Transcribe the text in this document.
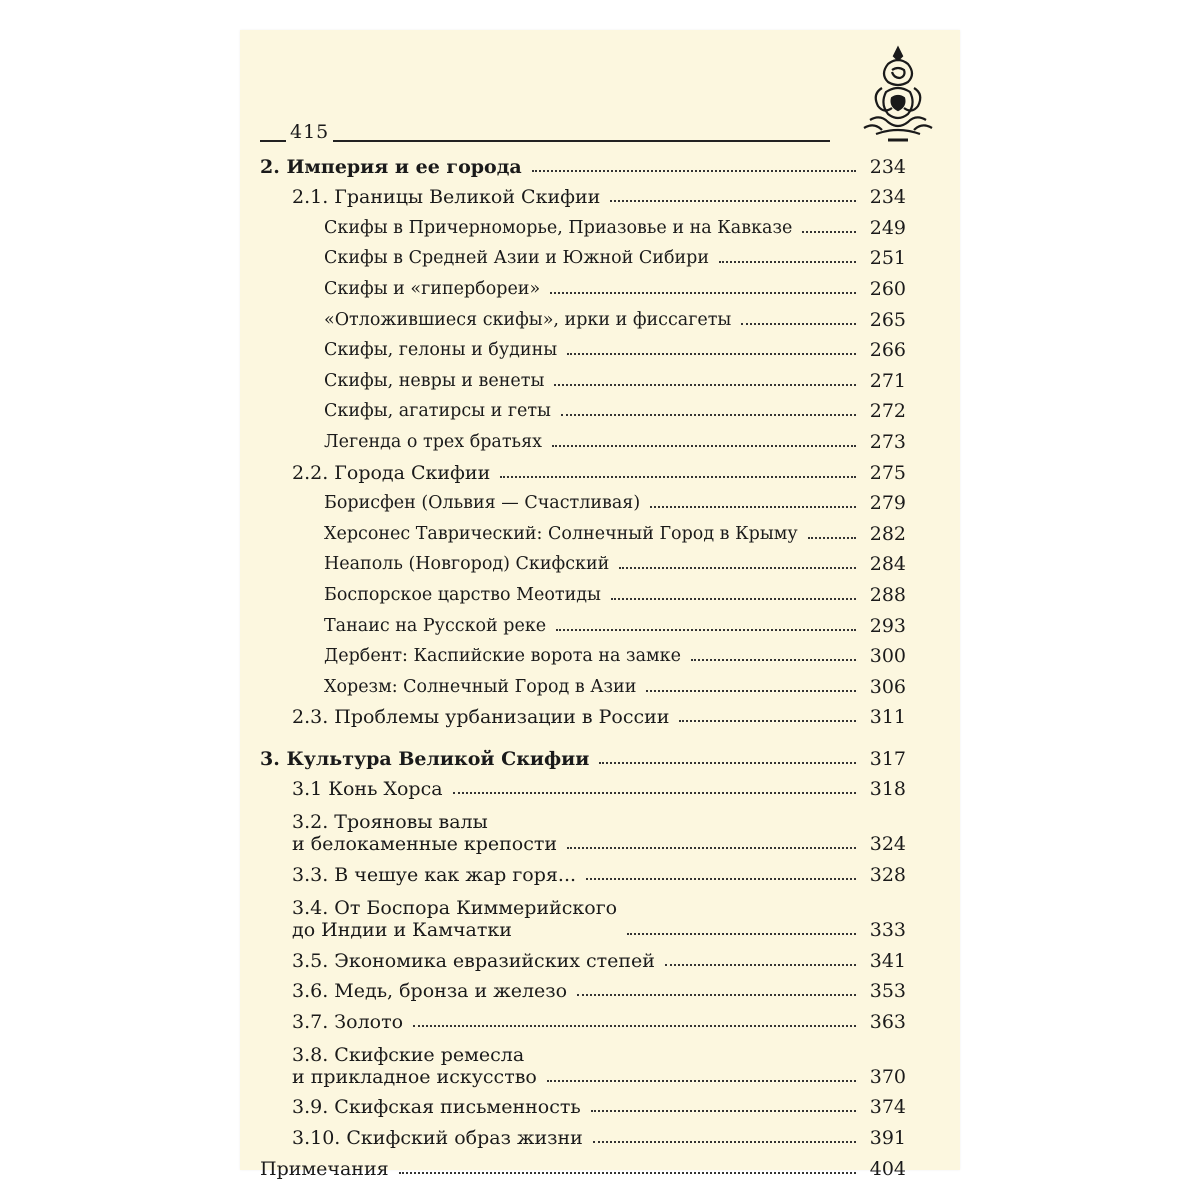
415
2. Империя и ее города	234
2.1. Границы Великой Скифии	234
Скифы в Причерноморье, Приазовье и на Кавказе	249
Скифы в Средней Азии и Южной Сибири	251
Скифы и «гипербореи»	260
«Отложившиеся скифы», ирки и фиссагеты	265
Скифы, гелоны и будины	266
Скифы, невры и венеты	271
Скифы, агатирсы и геты	272
Легенда о трех братьях	273
2.2. Города Скифии	275
Борисфен (Ольвия — Счастливая)	279
Херсонес Таврический: Солнечный Город в Крыму	282
Неаполь (Новгород) Скифский	284
Боспорское царство Меотиды	288
Танаис на Русской реке	293
Дербент: Каспийские ворота на замке	300
Хорезм: Солнечный Город в Азии	306
2.3. Проблемы урбанизации в России	311
3. Культура Великой Скифии	317
3.1 Конь Хорса	318
3.2. Трояновы валы
и белокаменные крепости	324
3.3. В чешуе как жар горя...	328
3.4. От Боспора Киммерийского
до Индии и Камчатки	333
3.5. Экономика евразийских степей	341
3.6. Медь, бронза и железо	353
3.7. Золото	363
3.8. Скифские ремесла
и прикладное искусство	370
3.9. Скифская письменность	374
3.10. Скифский образ жизни	391
Примечания	404
